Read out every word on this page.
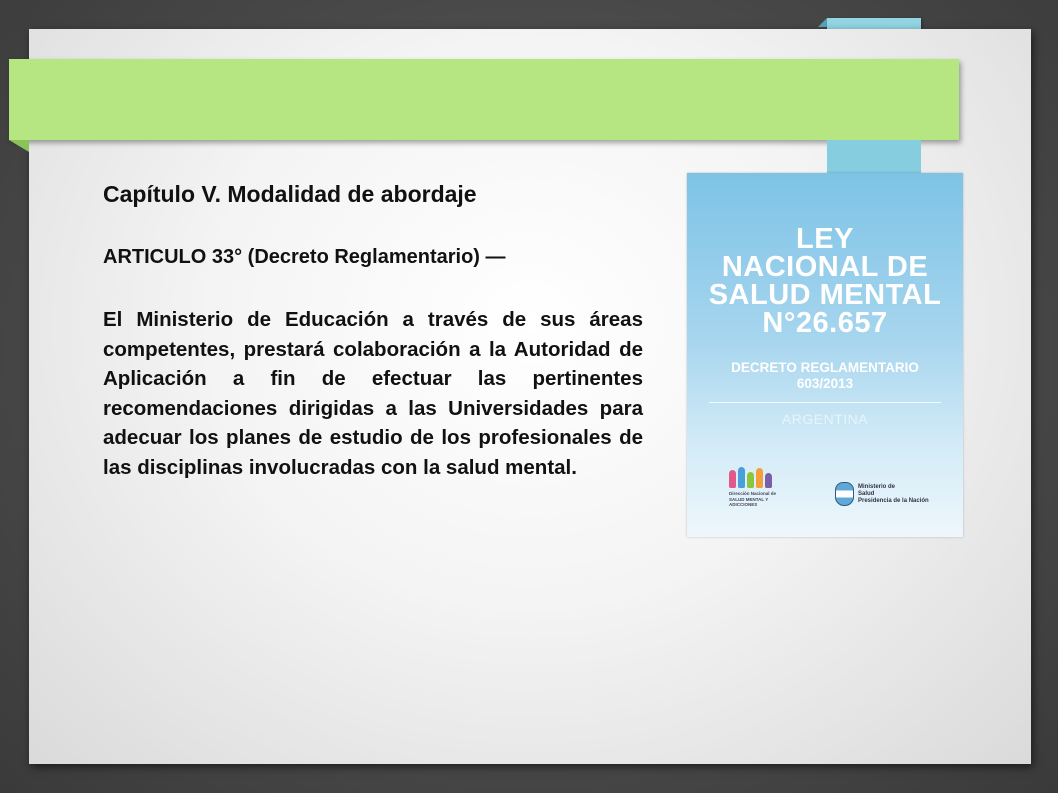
Capítulo V. Modalidad de abordaje

ARTICULO 33° (Decreto Reglamentario) —

El Ministerio de Educación a través de sus áreas competentes, prestará colaboración a la Autoridad de Aplicación a fin de efectuar las pertinentes recomendaciones dirigidas a las Universidades para adecuar los planes de estudio de los profesionales de las disciplinas involucradas con la salud mental.

LEY
NACIONAL DE
SALUD MENTAL
N°26.657
DECRETO REGLAMENTARIO
603/2013
ARGENTINA
Dirección Nacional de SALUD MENTAL Y ADICCIONES
Ministerio de
Salud
Presidencia de la Nación
